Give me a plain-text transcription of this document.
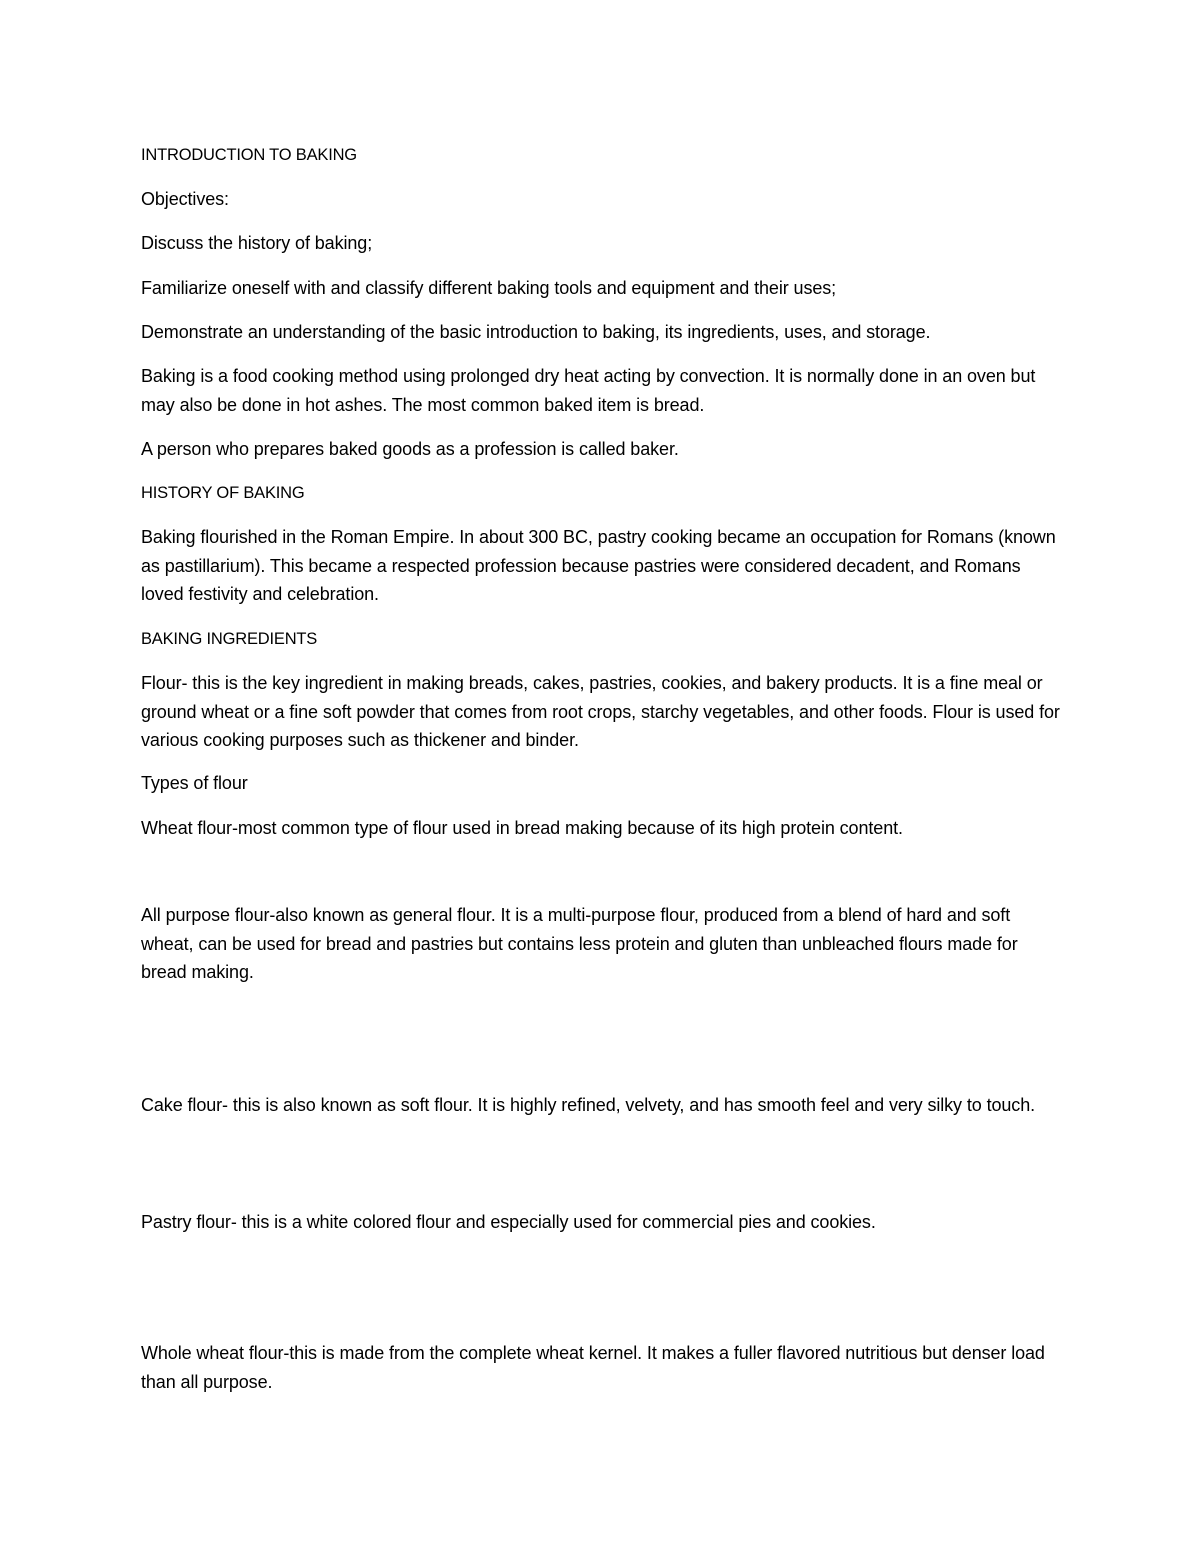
INTRODUCTION TO BAKING

Objectives:

Discuss the history of baking;

Familiarize oneself with and classify different baking tools and equipment and their uses;

Demonstrate an understanding of the basic introduction to baking, its ingredients, uses, and storage.

Baking is a food cooking method using prolonged dry heat acting by convection. It is normally done in an oven but may also be done in hot ashes. The most common baked item is bread.

A person who prepares baked goods as a profession is called baker.

HISTORY OF BAKING

Baking flourished in the Roman Empire. In about 300 BC, pastry cooking became an occupation for Romans (known as pastillarium). This became a respected profession because pastries were considered decadent, and Romans loved festivity and celebration.

BAKING INGREDIENTS

Flour- this is the key ingredient in making breads, cakes, pastries, cookies, and bakery products. It is a fine meal or ground wheat or a fine soft powder that comes from root crops, starchy vegetables, and other foods. Flour is used for various cooking purposes such as thickener and binder.

Types of flour

Wheat flour-most common type of flour used in bread making because of its high protein content.

All purpose flour-also known as general flour. It is a multi-purpose flour, produced from a blend of hard and soft wheat, can be used for bread and pastries but contains less protein and gluten than unbleached flours made for bread making.

Cake flour- this is also known as soft flour. It is highly refined, velvety, and has smooth feel and very silky to touch.

Pastry flour- this is a white colored flour and especially used for commercial pies and cookies.

Whole wheat flour-this is made from the complete wheat kernel. It makes a fuller flavored nutritious but denser load than all purpose.
